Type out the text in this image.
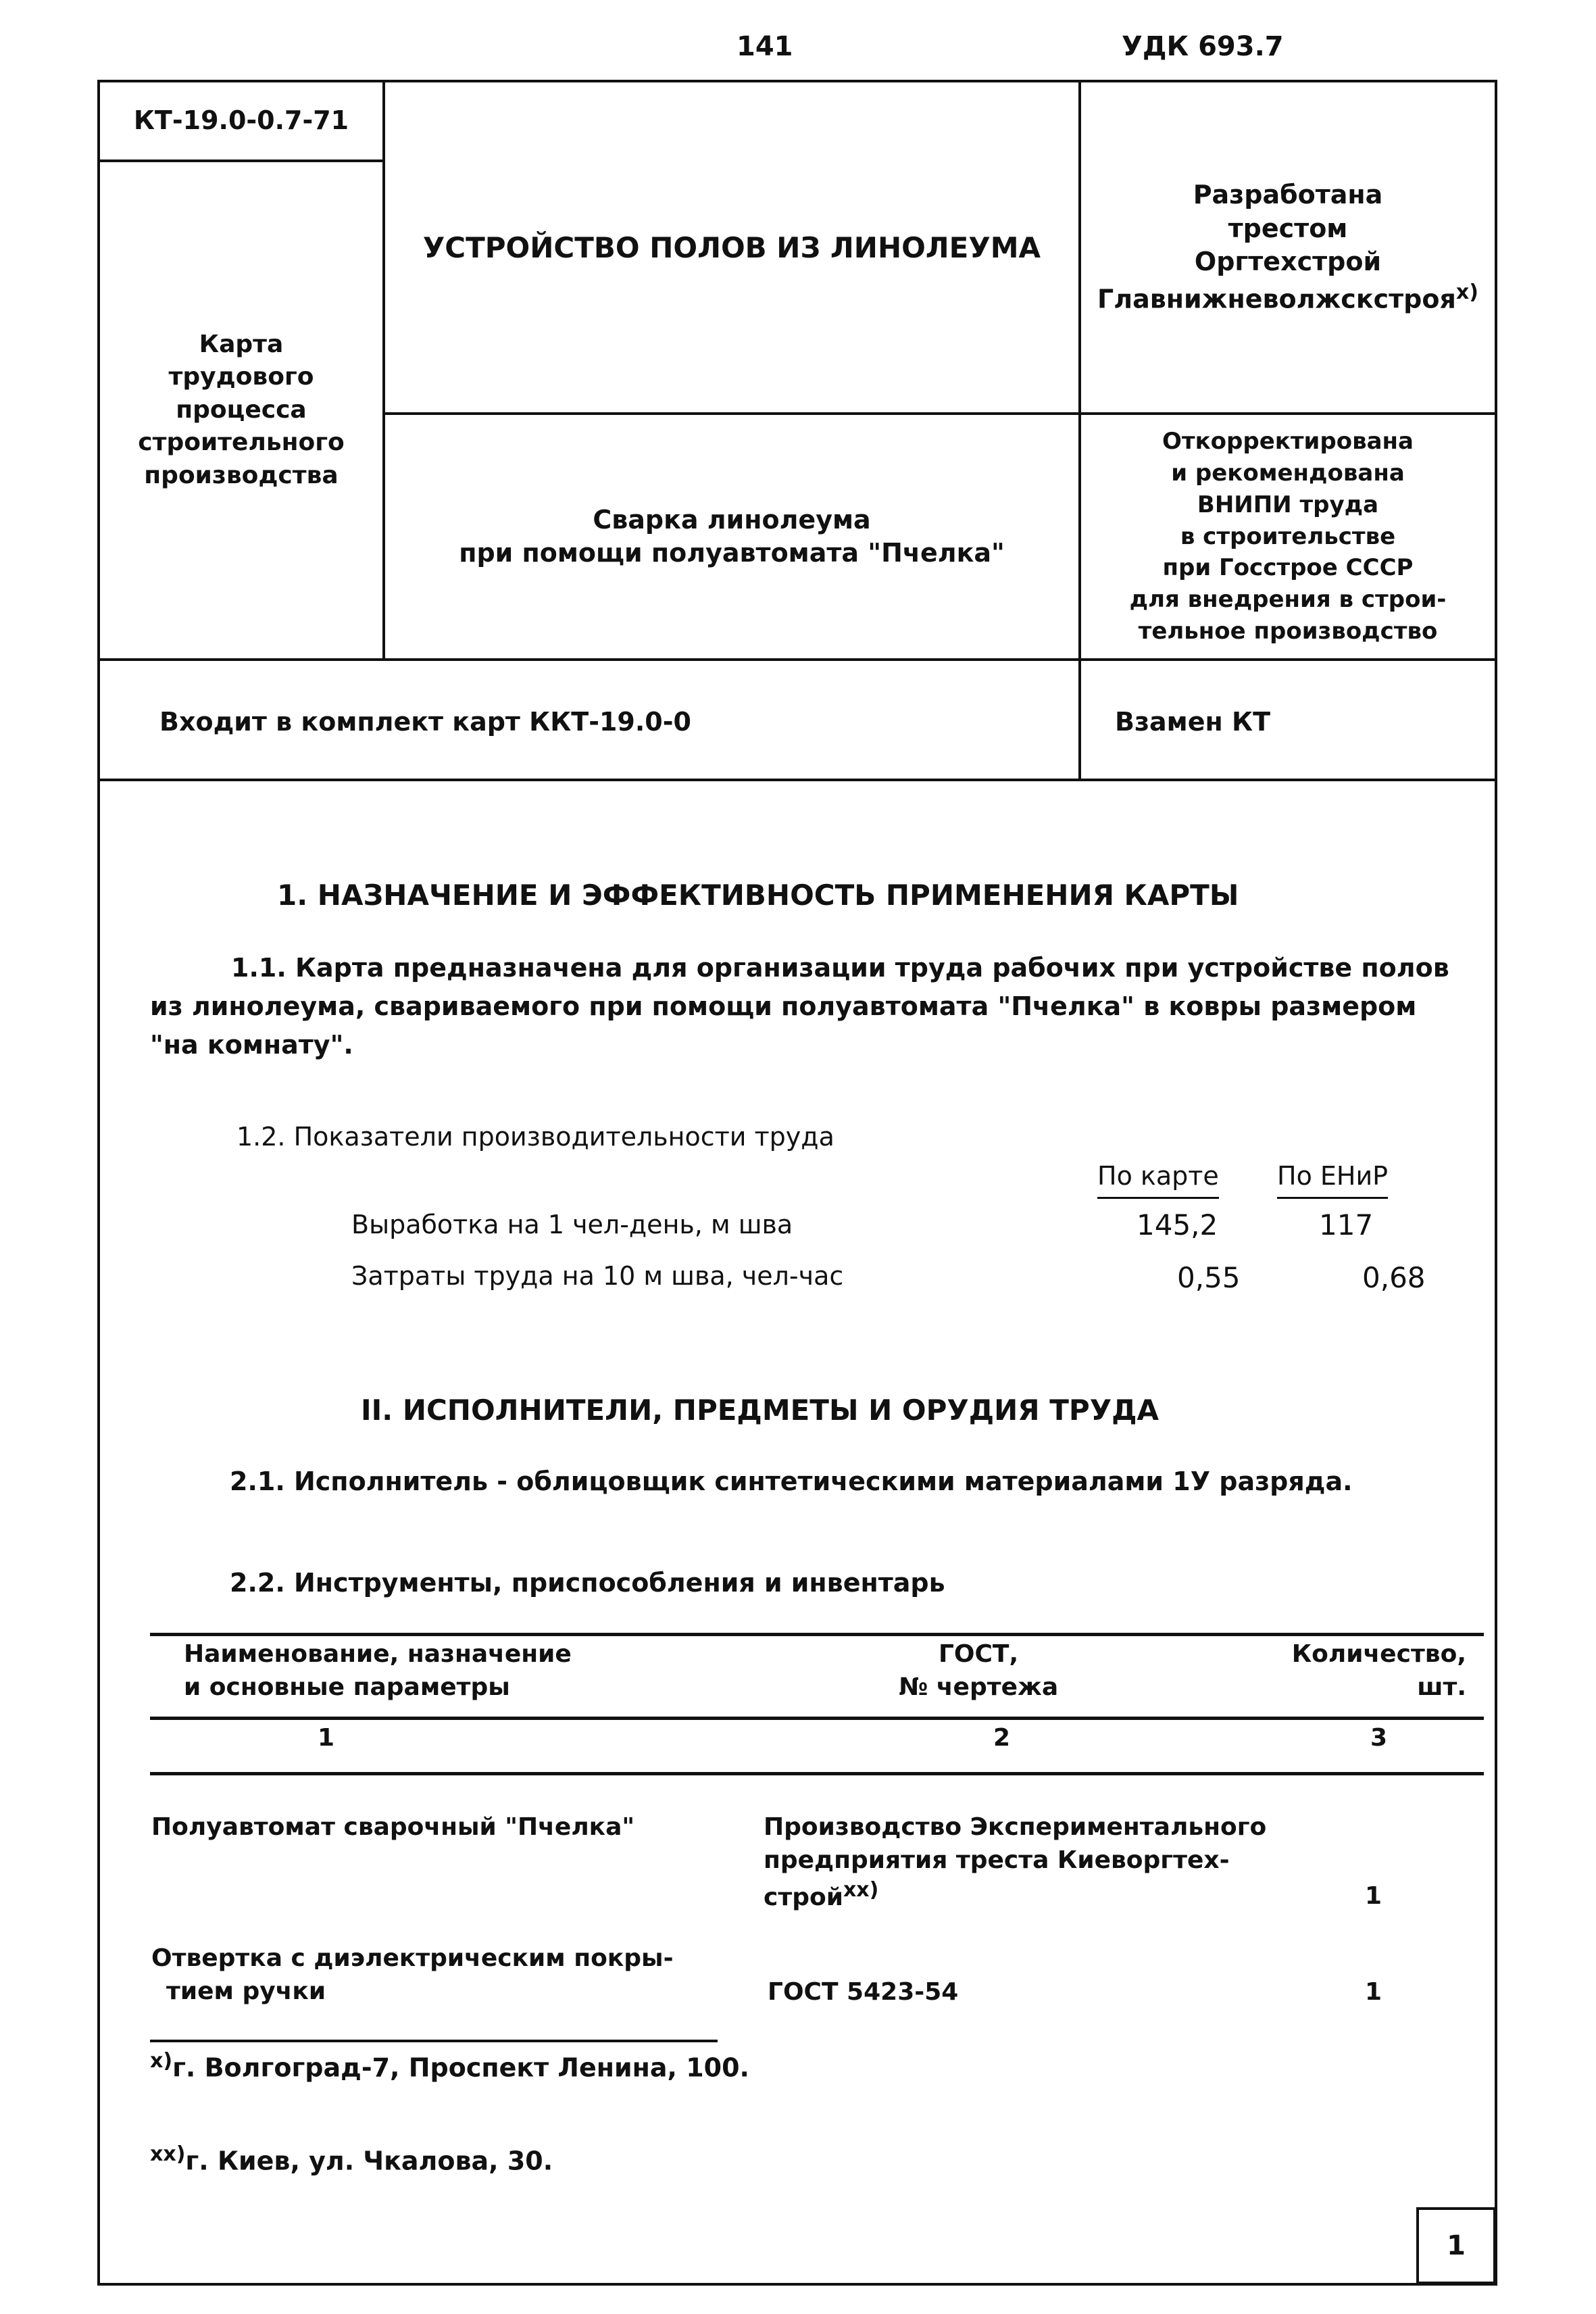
141	УДК 693.7
КТ-19.0-0.7-71
Карта
трудового
процесса
строительного
производства
УСТРОЙСТВО ПОЛОВ ИЗ ЛИНОЛЕУМА
Сварка линолеума
при помощи полуавтомата "Пчелка"
Разработана
трестом
Оргтехстрой
Главнижневолжскстроя$^{х)}$
Откорректирована
и рекомендована
ВНИПИ труда
в строительстве
при Госстрое СССР
для внедрения в строи-
тельное производство
Входит в комплект карт ККТ-19.0-0	Взамен КТ
1. НАЗНАЧЕНИЕ И ЭФФЕКТИВНОСТЬ ПРИМЕНЕНИЯ КАРТЫ
1.1. Карта предназначена для организации труда рабочих при устройстве полов
из линолеума, свариваемого при помощи полуавтомата "Пчелка" в ковры размером
"на комнату".
1.2. Показатели производительности труда
По карте По ЕНиР
Выработка на 1 чел-день, м шва	145,2	117
Затраты труда на 10 м шва, чел-час	0,55	0,68
II. ИСПОЛНИТЕЛИ, ПРЕДМЕТЫ И ОРУДИЯ ТРУДА
2.1. Исполнитель - облицовщик синтетическими материалами 1У разряда.
2.2. Инструменты, приспособления и инвентарь
Наименование, назначение
и основные параметры
ГОСТ,
№ чертежа
Количество,
шт.
1	2	3
Полуавтомат сварочный "Пчелка"	Производство Экспериментального
предприятия треста Киеворгтех-
строй$^{хх)}$	1
Отвертка с диэлектрическим покры-
тием ручки	ГОСТ 5423-54	1
$^{х)}$г. Волгоград-7, Проспект Ленина, 100.
$^{хх)}$г. Киев, ул. Чкалова, 30.
1
